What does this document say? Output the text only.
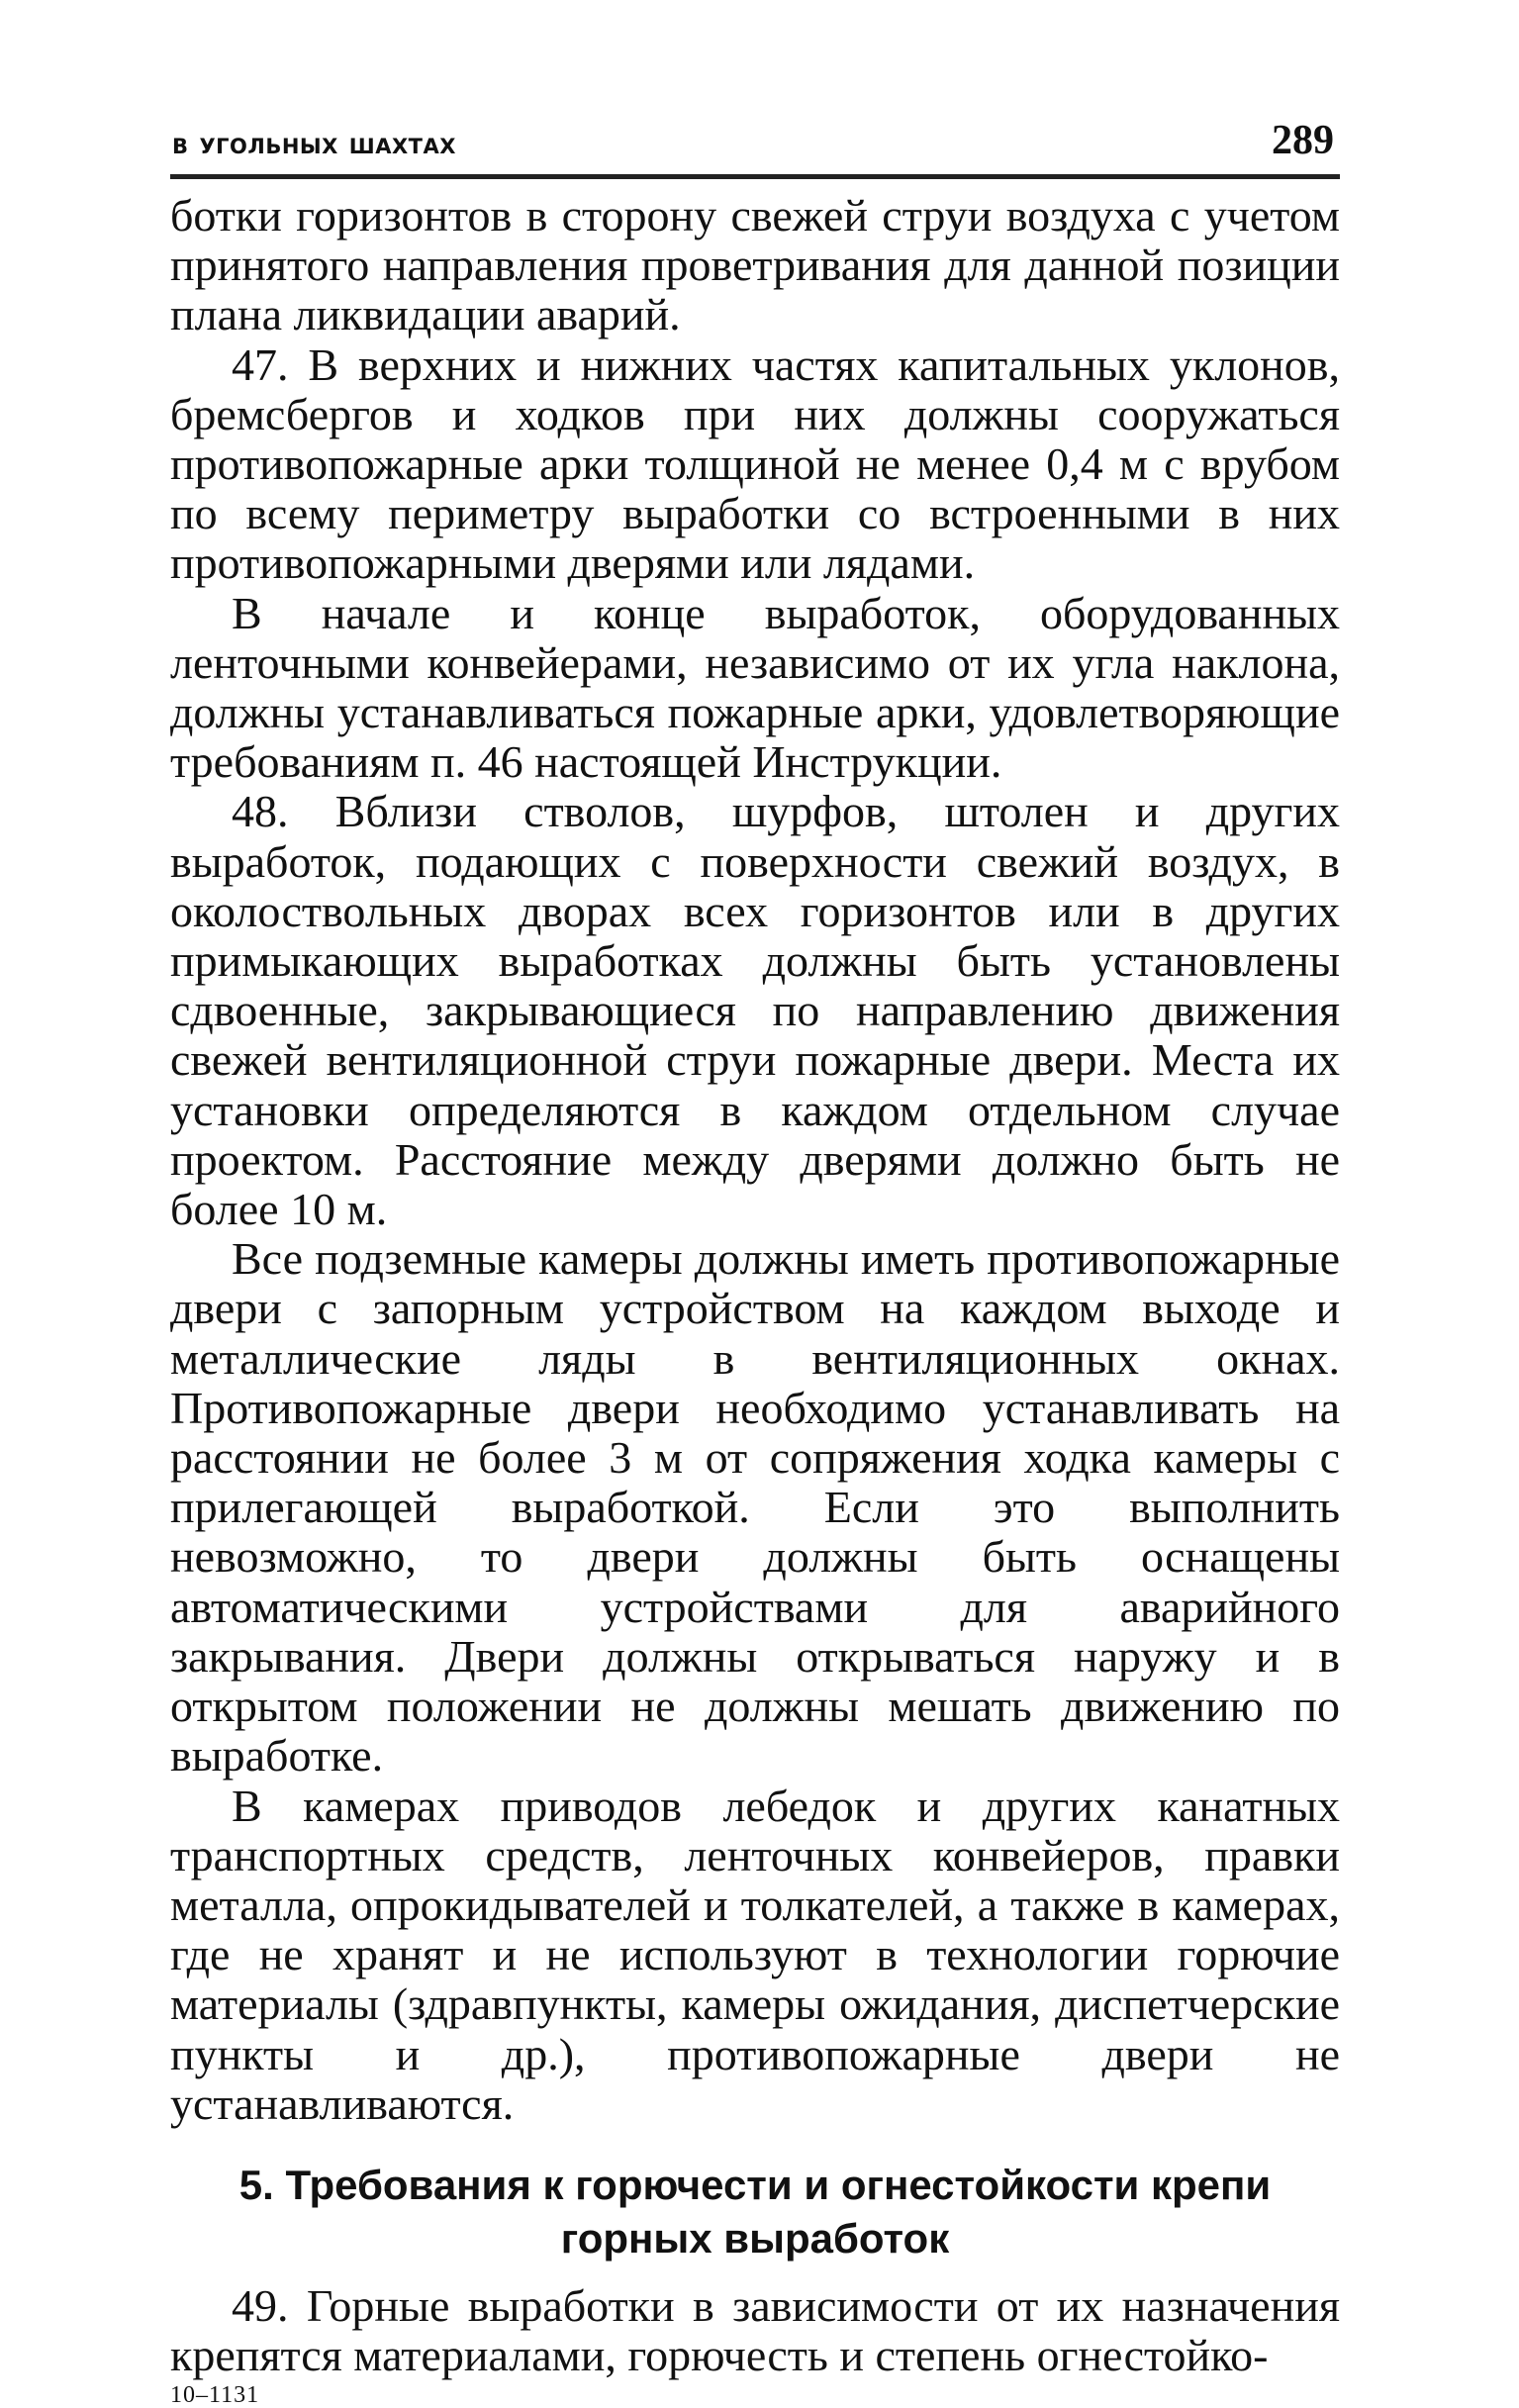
в угольных шахтах	289

ботки горизонтов в сторону свежей струи воздуха с учетом принятого направления проветривания для данной позиции плана ликвидации аварий.

47. В верхних и нижних частях капитальных уклонов, бремсбергов и ходков при них должны сооружаться противопожарные арки толщиной не менее 0,4 м с врубом по всему периметру выработки со встроенными в них противопожарными дверями или лядами.

В начале и конце выработок, оборудованных ленточными конвейерами, независимо от их угла наклона, должны устанавливаться пожарные арки, удовлетворяющие требованиям п. 46 настоящей Инструкции.

48. Вблизи стволов, шурфов, штолен и других выработок, подающих с поверхности свежий воздух, в околоствольных дворах всех горизонтов или в других примыкающих выработках должны быть установлены сдвоенные, закрывающиеся по направлению движения свежей вентиляционной струи пожарные двери. Места их установки определяются в каждом отдельном случае проектом. Расстояние между дверями должно быть не более 10 м.

Все подземные камеры должны иметь противопожарные двери с запорным устройством на каждом выходе и металлические ляды в вентиляционных окнах. Противопожарные двери необходимо устанавливать на расстоянии не более 3 м от сопряжения ходка камеры с прилегающей выработкой. Если это выполнить невозможно, то двери должны быть оснащены автоматическими устройствами для аварийного закрывания. Двери должны открываться наружу и в открытом положении не должны мешать движению по выработке.

В камерах приводов лебедок и других канатных транспортных средств, ленточных конвейеров, правки металла, опрокидывателей и толкателей, а также в камерах, где не хранят и не используют в технологии горючие материалы (здравпункты, камеры ожидания, диспетчерские пункты и др.), противопожарные двери не устанавливаются.

5. Требования к горючести и огнестойкости крепи горных выработок

49. Горные выработки в зависимости от их назначения крепятся материалами, горючесть и степень огнестойко-

10–1131
